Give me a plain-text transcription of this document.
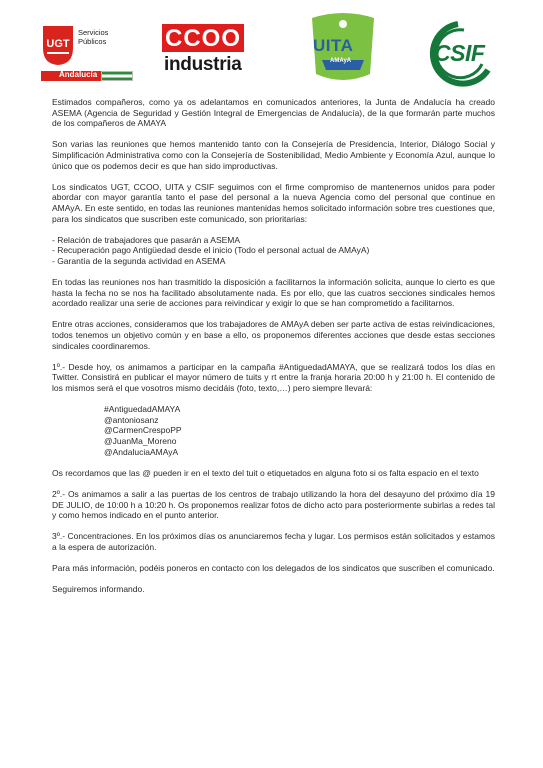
UGT
Servicios
Públicos
Andalucía
CCOO
industria
UITA
AMAyA	CSIF

Estimados compañeros, como ya os adelantamos en comunicados anteriores, la Junta de Andalucía ha creado ASEMA (Agencia de Seguridad y Gestión Integral de Emergencias de Andalucía), de la que formarán parte muchos de los compañeros de AMAYA

Son varias las reuniones que hemos mantenido tanto con la Consejería de Presidencia, Interior, Diálogo Social y Simplificación Administrativa como con la Consejería de Sostenibilidad, Medio Ambiente y Economía Azul, aunque lo único que os podemos decir es que han sido improductivas.

Los sindicatos UGT, CCOO, UITA y CSIF seguimos con el firme compromiso de mantenernos unidos para poder abordar con mayor garantía tanto el pase del personal a la nueva Agencia como del personal que continue en AMAyA. En este sentido, en todas las reuniones mantenidas hemos solicitado información sobre tres cuestiones que, para los sindicatos que suscriben este comunicado, son prioritarias:

- Relación de trabajadores que pasarán a ASEMA
- Recuperación pago Antigüedad desde el inicio (Todo el personal actual de AMAyA)
- Garantía de la segunda actividad en ASEMA

En todas las reuniones nos han trasmitido la disposición a facilitarnos la información solicita, aunque lo cierto es que hasta la fecha no se nos ha facilitado absolutamente nada. Es por ello, que las cuatros secciones sindicales hemos acordado realizar una serie de acciones para reivindicar y exigir lo que se han comprometido a facilitarnos.

Entre otras acciones, consideramos que los trabajadores de AMAyA deben ser parte activa de estas reivindicaciones, todos tenemos un objetivo común y en base a ello, os proponemos diferentes acciones que desde estas secciones sindicales coordinaremos.

1º.- Desde hoy, os animamos a participar en la campaña #AntiguedadAMAYA, que se realizará todos los días en Twitter. Consistirá en publicar el mayor número de tuits y rt entre la franja horaria 20:00 h y 21:00 h. El contenido de los mismos será el que vosotros mismo decidáis (foto, texto,…) pero siempre llevará:

#AntiguedadAMAYA
@antoniosanz
@CarmenCrespoPP
@JuanMa_Moreno
@AndaluciaAMAyA

Os recordamos que las @ pueden ir en el texto del tuit o etiquetados en alguna foto si os falta espacio en el texto

2º.- Os animamos a salir a las puertas de los centros de trabajo utilizando la hora del desayuno del próximo día 19 DE JULIO, de 10:00 h a 10:20 h. Os proponemos realizar fotos de dicho acto para posteriormente subirlas a redes tal y como hemos indicado en el punto anterior.

3º.- Concentraciones. En los próximos días os anunciaremos fecha y lugar. Los permisos están solicitados y estamos a la espera de autorización.

Para más información, podéis poneros en contacto con los delegados de los sindicatos que suscriben el comunicado.

Seguiremos informando.
